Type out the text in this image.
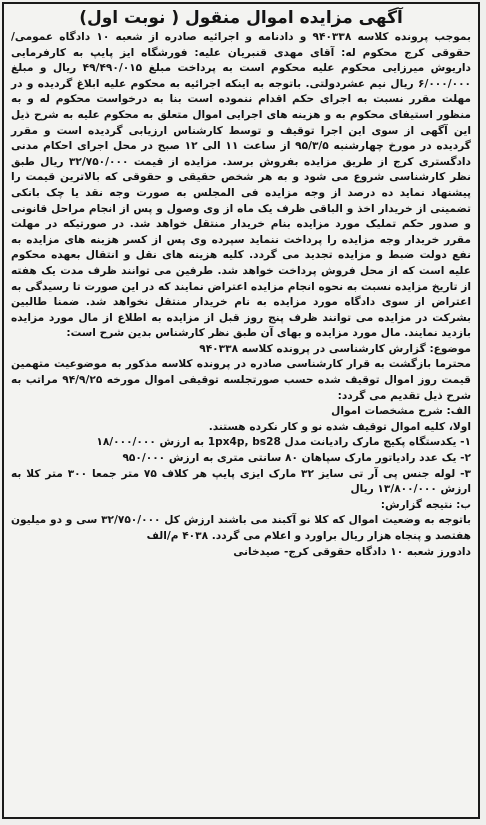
آگهی مزایده اموال منقول ( نوبت اول)

بموجب پرونده کلاسه ۹۴۰۳۳۸ و دادنامه و اجرائیه صادره از شعبه ۱۰ دادگاه عمومی/ حقوقی کرج محکوم له: آقای مهدی قنبریان علیه: فورشگاه ایز پایپ به کارفرمایی داریوش میرزایی محکوم علیه محکوم است به پرداخت مبلغ ۴۹/۴۹۰/۰۱۵ ریال و مبلغ ۶/۰۰۰/۰۰۰ ریال نیم عشردولتی. باتوجه به اینکه اجرائیه به محکوم علیه ابلاغ گردیده و در مهلت مقرر نسبت به اجرای حکم اقدام ننموده است بنا به درخواست محکوم له و به منظور استیفای محکوم به و هزینه های اجرایی اموال متعلق به محکوم علیه به شرح ذیل این آگهی از سوی این اجرا توقیف و توسط کارشناس ارزیابی گردیده است و مقرر گردیده در مورخ چهارشنبه ۹۵/۳/۵ از ساعت ۱۱ الی ۱۲ صبح در محل اجرای احکام مدنی دادگستری کرج از طریق مزایده بفروش برسد. مزایده از قیمت ۳۲/۷۵۰/۰۰۰ ریال طبق نظر کارشناسی شروع می شود و به هر شخص حقیقی و حقوقی که بالاترین قیمت را پیشنهاد نماید ده درصد از وجه مزایده فی المجلس به صورت وجه نقد یا چک بانکی تضمینی از خریدار اخذ و الباقی ظرف یک ماه از وی وصول و پس از انجام مراحل قانونی و صدور حکم تملیک مورد مزایده بنام خریدار منتقل خواهد شد. در صورتیکه در مهلت مقرر خریدار وجه مزایده را پرداخت ننماید سپرده وی پس از کسر هزینه های مزایده به نفع دولت ضبط و مزایده تجدید می گردد. کلیه هزینه های نقل و انتقال بعهده محکوم علیه است که از محل فروش پرداخت خواهد شد. طرفین می توانند ظرف مدت یک هفته از تاریخ مزایده نسبت به نحوه انجام مزایده اعتراض نمایند که در این صورت تا رسیدگی به اعتراض از سوی دادگاه مورد مزایده به نام خریدار منتقل نخواهد شد. ضمنا طالبین بشرکت در مزایده می توانند ظرف پنج روز قبل از مزایده به اطلاع از مال مورد مزایده بازدید نمایند. مال مورد مزایده و بهای آن طبق نظر کارشناس بدین شرح است:

موضوع: گزارش کارشناسی در پرونده کلاسه ۹۴۰۳۳۸

محترما بازگشت به قرار کارشناسی صادره در پرونده کلاسه مذکور به موضوعیت متهمین قیمت روز اموال توقیف شده حسب صورتجلسه توقیفی اموال مورخه ۹۴/۹/۲۵ مراتب به شرح ذیل تقدیم می گردد:

الف: شرح مشخصات اموال

اولا، کلیه اموال توقیف شده نو و کار نکرده هستند.

۱- یکدستگاه پکیج مارک رادیانت مدل 1px4p, bs28 به ارزش ۱۸/۰۰۰/۰۰۰

۲- یک عدد رادیاتور مارک سپاهان ۸۰ سانتی متری به ارزش ۹۵۰/۰۰۰

۳- لوله جنس پی آر تی سایز ۳۲ مارک ایزی پایپ هر کلاف ۷۵ متر جمعا ۳۰۰ متر کلا به ارزش ۱۳/۸۰۰/۰۰۰ ریال

ب: نتیجه گزارش:

باتوجه به وضعیت اموال که کلا نو آکبند می باشند ارزش کل ۳۲/۷۵۰/۰۰۰ سی و دو میلیون هفتصد و پنجاه هزار ریال براورد و اعلام می گردد. ۴۰۳۸ م/الف

دادورز شعبه ۱۰ دادگاه حقوقی کرج- صیدخانی
